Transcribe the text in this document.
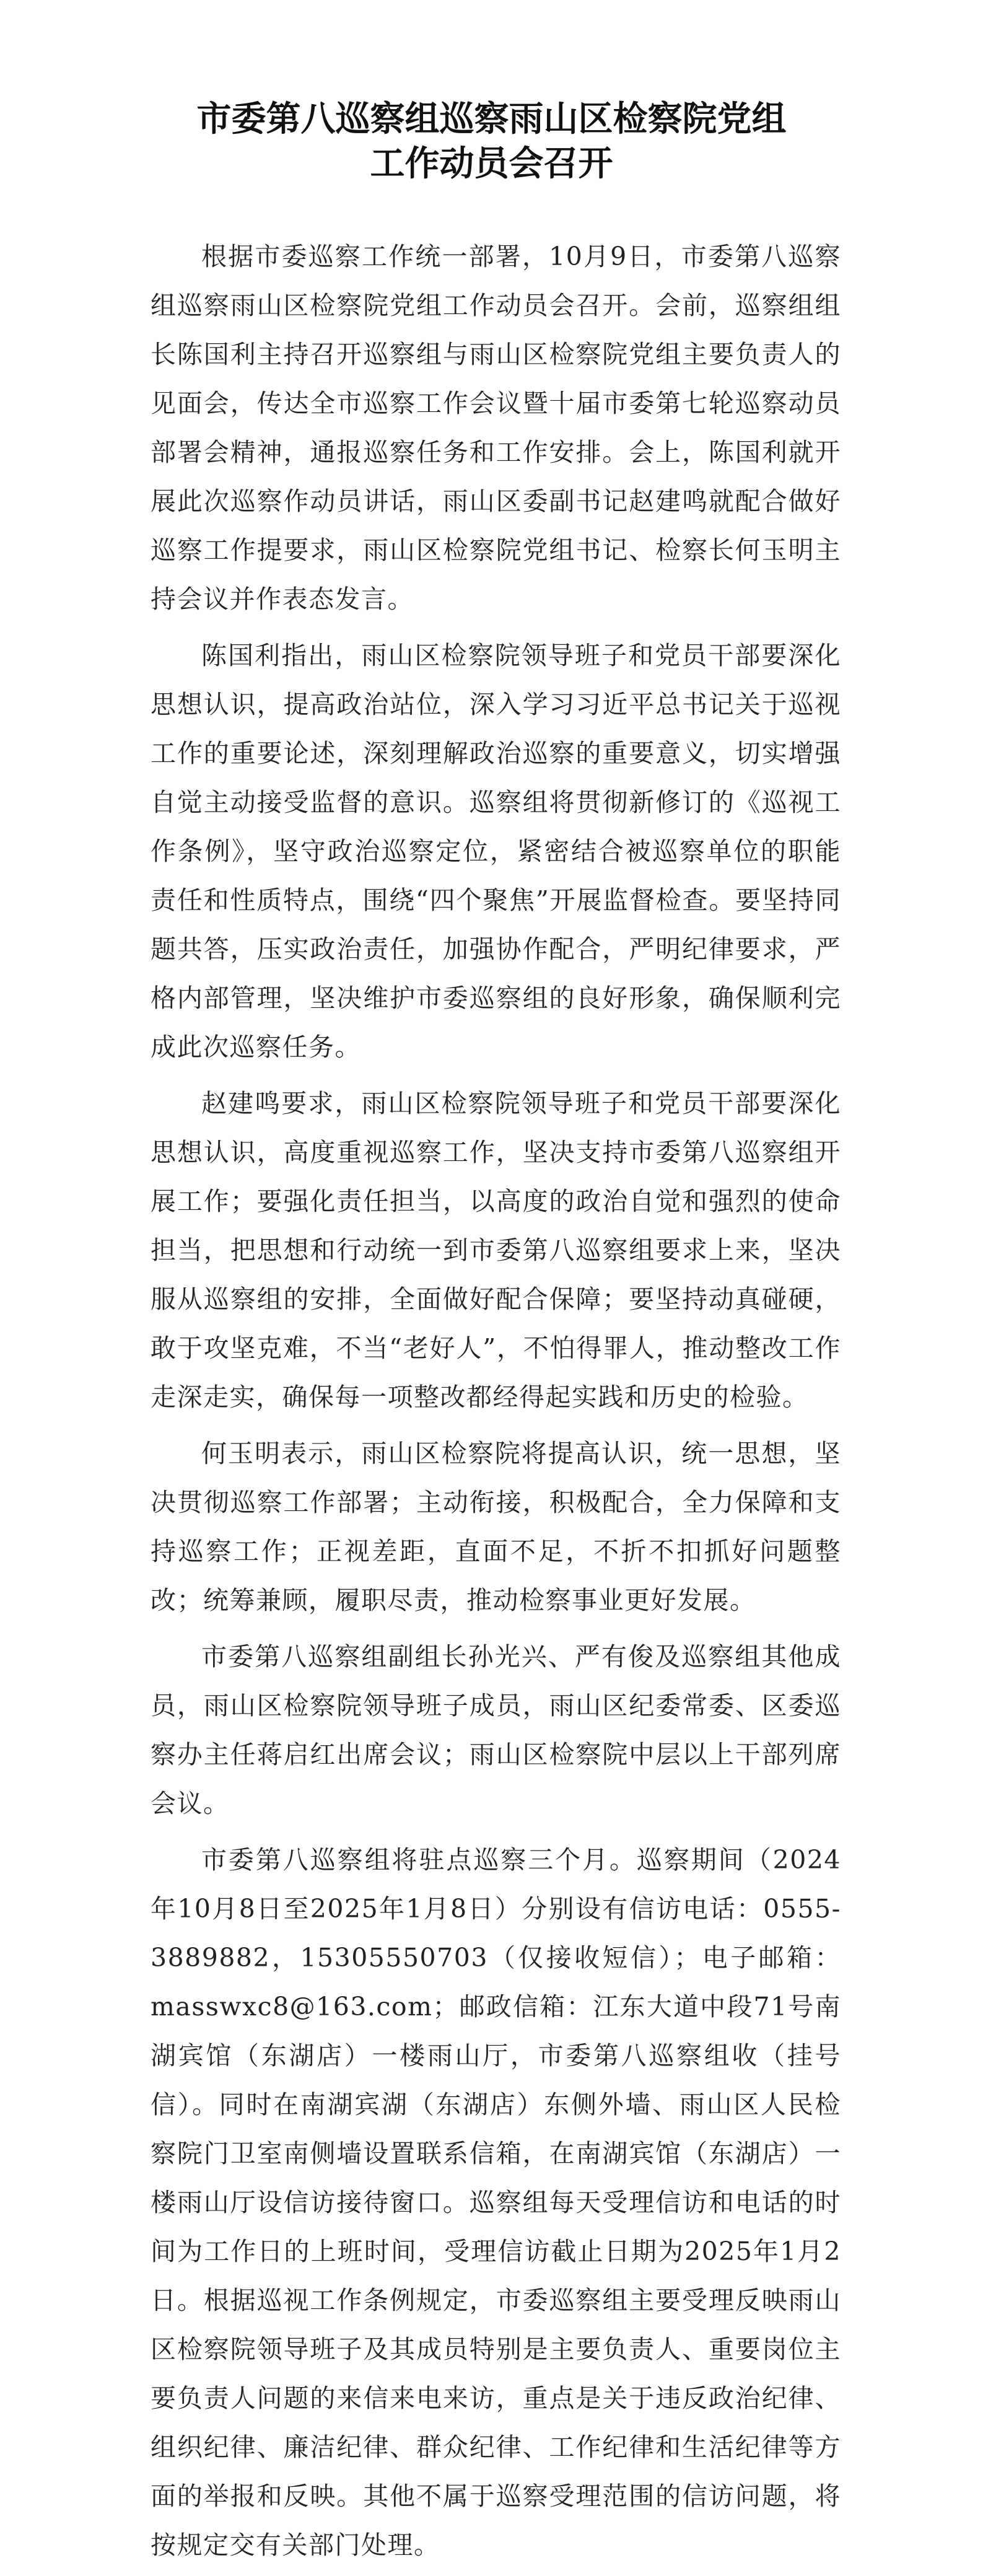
市委第八巡察组巡察雨山区检察院党组
工作动员会召开

根据市委巡察工作统一部署，10月9日，市委第八巡察组巡察雨山区检察院党组工作动员会召开。会前，巡察组组长陈国利主持召开巡察组与雨山区检察院党组主要负责人的见面会，传达全市巡察工作会议暨十届市委第七轮巡察动员部署会精神，通报巡察任务和工作安排。会上，陈国利就开展此次巡察作动员讲话，雨山区委副书记赵建鸣就配合做好巡察工作提要求，雨山区检察院党组书记、检察长何玉明主持会议并作表态发言。

陈国利指出，雨山区检察院领导班子和党员干部要深化思想认识，提高政治站位，深入学习习近平总书记关于巡视工作的重要论述，深刻理解政治巡察的重要意义，切实增强自觉主动接受监督的意识。巡察组将贯彻新修订的《巡视工作条例》，坚守政治巡察定位，紧密结合被巡察单位的职能责任和性质特点，围绕“四个聚焦”开展监督检查。要坚持同题共答，压实政治责任，加强协作配合，严明纪律要求，严格内部管理，坚决维护市委巡察组的良好形象，确保顺利完成此次巡察任务。

赵建鸣要求，雨山区检察院领导班子和党员干部要深化思想认识，高度重视巡察工作，坚决支持市委第八巡察组开展工作；要强化责任担当，以高度的政治自觉和强烈的使命担当，把思想和行动统一到市委第八巡察组要求上来，坚决服从巡察组的安排，全面做好配合保障；要坚持动真碰硬，敢于攻坚克难，不当“老好人”，不怕得罪人，推动整改工作走深走实，确保每一项整改都经得起实践和历史的检验。

何玉明表示，雨山区检察院将提高认识，统一思想，坚决贯彻巡察工作部署；主动衔接，积极配合，全力保障和支持巡察工作；正视差距，直面不足，不折不扣抓好问题整改；统筹兼顾，履职尽责，推动检察事业更好发展。

市委第八巡察组副组长孙光兴、严有俊及巡察组其他成员，雨山区检察院领导班子成员，雨山区纪委常委、区委巡察办主任蒋启红出席会议；雨山区检察院中层以上干部列席会议。

市委第八巡察组将驻点巡察三个月。巡察期间（2024年10月8日至2025年1月8日）分别设有信访电话：0555-3889882，15305550703（仅接收短信）；电子邮箱：masswxc8@163.com；邮政信箱：江东大道中段71号南湖宾馆（东湖店）一楼雨山厅，市委第八巡察组收（挂号信）。同时在南湖宾湖（东湖店）东侧外墙、雨山区人民检察院门卫室南侧墙设置联系信箱，在南湖宾馆（东湖店）一楼雨山厅设信访接待窗口。巡察组每天受理信访和电话的时间为工作日的上班时间，受理信访截止日期为2025年1月2日。根据巡视工作条例规定，市委巡察组主要受理反映雨山区检察院领导班子及其成员特别是主要负责人、重要岗位主要负责人问题的来信来电来访，重点是关于违反政治纪律、组织纪律、廉洁纪律、群众纪律、工作纪律和生活纪律等方面的举报和反映。其他不属于巡察受理范围的信访问题，将按规定交有关部门处理。
